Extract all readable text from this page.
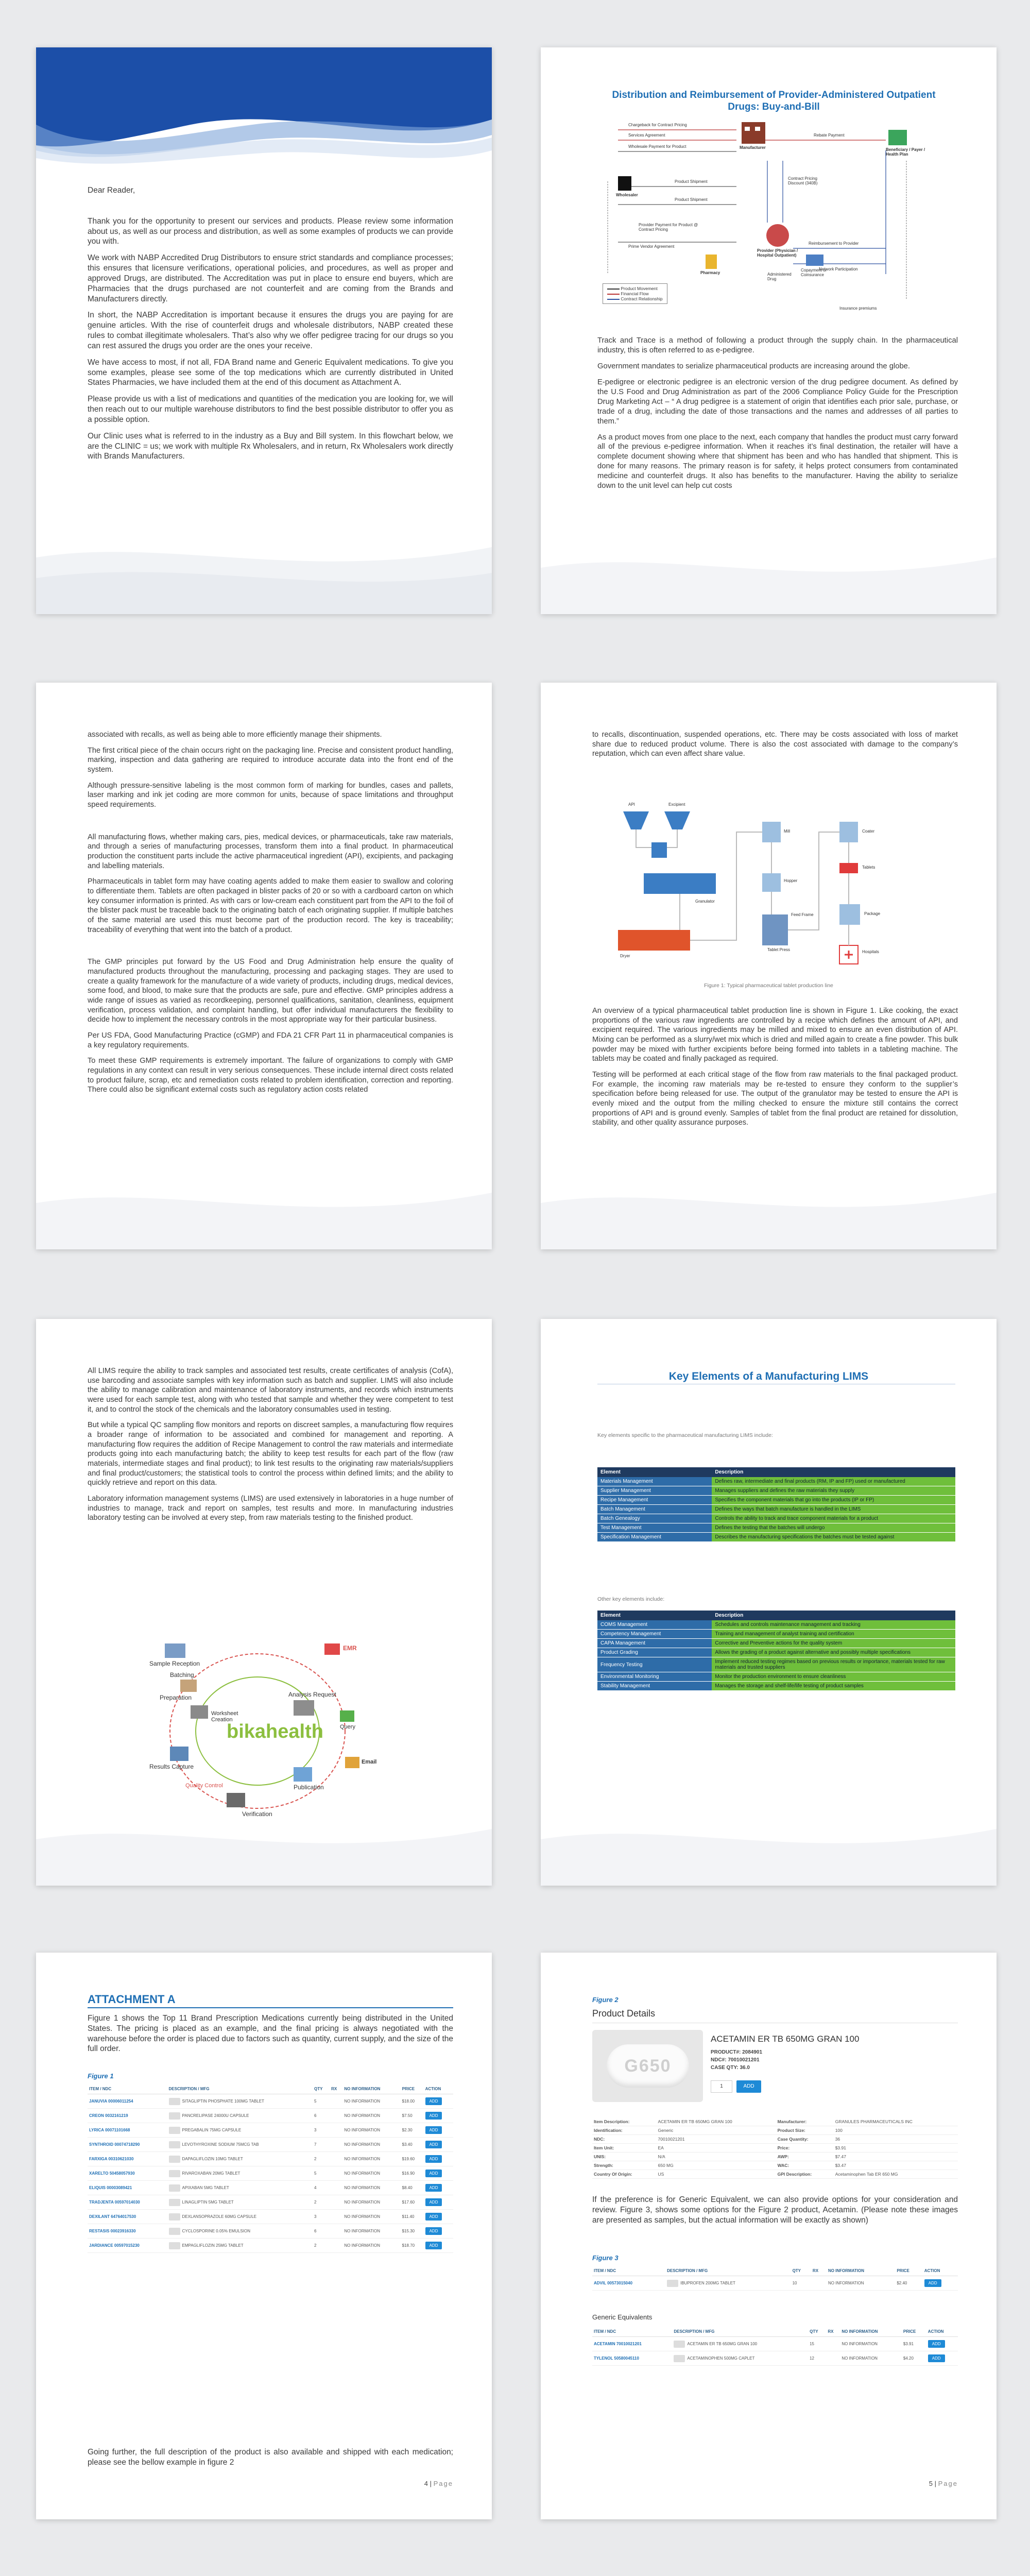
Dear Reader,

Thank you for the opportunity to present our services and products. Please review some information about us, as well as our process and distribution, as well as some examples of products we can provide you with.

We work with NABP Accredited Drug Distributors to ensure strict standards and compliance processes; this ensures that licensure verifications, operational policies, and procedures, as well as proper and approved Drugs, are distributed. The Accreditation was put in place to ensure end buyers, which are Pharmacies that the drugs purchased are not counterfeit and are coming from the Brands and Manufacturers directly.

In short, the NABP Accreditation is important because it ensures the drugs you are paying for are genuine articles. With the rise of counterfeit drugs and wholesale distributors, NABP created these rules to combat illegitimate wholesalers. That’s also why we offer pedigree tracing for our drugs so you can rest assured the drugs you order are the ones your receive.

We have access to most, if not all, FDA Brand name and Generic Equivalent medications. To give you some examples, please see some of the top medications which are currently distributed in United States Pharmacies, we have included them at the end of this document as Attachment A.

Please provide us with a list of medications and quantities of the medication you are looking for, we will then reach out to our multiple warehouse distributors to find the best possible distributor to offer you as a possible option.

Our Clinic uses what is referred to in the industry as a Buy and Bill system. In this flowchart below, we are the CLINIC = us; we work with multiple Rx Wholesalers, and in return, Rx Wholesalers work directly with Brands Manufacturers.

Distribution and Reimbursement of Provider-Administered Outpatient Drugs: Buy-and-Bill
Chargeback for Contract Pricing
Services Agreement
Wholesale Payment for Product
Product Shipment
Product Shipment
Contract Pricing Discount (340B)
Prime Vendor Agreement
Provider Payment for Product @ Contract Pricing
Reimbursement to Provider
Network Participation
Rebate Payment
Insurance premiums
Wholesaler
Manufacturer
Provider (Physician / Hospital Outpatient)
Beneficiary / Payer / Health Plan
Pharmacy	Administered Drug
Copayment or Coinsurance
Product Movement
Financial Flow
Contract Relationship

Track and Trace is a method of following a product through the supply chain. In the pharmaceutical industry, this is often referred to as e-pedigree.

Government mandates to serialize pharmaceutical products are increasing around the globe.

E-pedigree or electronic pedigree is an electronic version of the drug pedigree document. As defined by the U.S Food and Drug Administration as part of the 2006 Compliance Policy Guide for the Prescription Drug Marketing Act – “ A drug pedigree is a statement of origin that identifies each prior sale, purchase, or trade of a drug, including the date of those transactions and the names and addresses of all parties to them.”

As a product moves from one place to the next, each company that handles the product must carry forward all of the previous e-pedigree information. When it reaches it’s final destination, the retailer will have a complete document showing where that shipment has been and who has handled that shipment. This is done for many reasons. The primary reason is for safety, it helps protect consumers from contaminated medicine and counterfeit drugs. It also has benefits to the manufacturer. Having the ability to serialize down to the unit level can help cut costs

associated with recalls, as well as being able to more efficiently manage their shipments.

The first critical piece of the chain occurs right on the packaging line. Precise and consistent product handling, marking, inspection and data gathering are required to introduce accurate data into the front end of the system.

Although pressure-sensitive labeling is the most common form of marking for bundles, cases and pallets, laser marking and ink jet coding are more common for units, because of space limitations and throughput speed requirements.

All manufacturing flows, whether making cars, pies, medical devices, or pharmaceuticals, take raw materials, and through a series of manufacturing processes, transform them into a final product. In pharmaceutical production the constituent parts include the active pharmaceutical ingredient (API), excipients, and packaging and labelling materials.

Pharmaceuticals in tablet form may have coating agents added to make them easier to swallow and coloring to differentiate them. Tablets are often packaged in blister packs of 20 or so with a cardboard carton on which key consumer information is printed. As with cars or low-cream each constituent part from the API to the foil of the blister pack must be traceable back to the originating batch of each originating supplier. If multiple batches of the same material are used this must become part of the production record. The key is traceability; traceability of everything that went into the batch of a product.

The GMP principles put forward by the US Food and Drug Administration help ensure the quality of manufactured products throughout the manufacturing, processing and packaging stages. They are used to create a quality framework for the manufacture of a wide variety of products, including drugs, medical devices, some food, and blood, to make sure that the products are safe, pure and effective. GMP principles address a wide range of issues as varied as recordkeeping, personnel qualifications, sanitation, cleanliness, equipment verification, process validation, and complaint handling, but offer individual manufacturers the flexibility to decide how to implement the necessary controls in the most appropriate way for their particular business.

Per US FDA, Good Manufacturing Practice (cGMP) and FDA 21 CFR Part 11 in pharmaceutical companies is a key regulatory requirements.

To meet these GMP requirements is extremely important. The failure of organizations to comply with GMP regulations in any context can result in very serious consequences. These include internal direct costs related to product failure, scrap, etc and remediation costs related to problem identification, correction and reporting. There could also be significant external costs such as regulatory action costs related

to recalls, discontinuation, suspended operations, etc. There may be costs associated with loss of market share due to reduced product volume. There is also the cost associated with damage to the company’s reputation, which can even affect share value.

API	Excipient
Mill	Coater
Tablets
Granulator
Hopper
Package
Feed Frame
Tablet Press
Dryer
Hospitals
Figure 1: Typical pharmaceutical tablet production line

An overview of a typical pharmaceutical tablet production line is shown in Figure 1. Like cooking, the exact proportions of the various raw ingredients are controlled by a recipe which defines the amount of API, and excipient required. The various ingredients may be milled and mixed to ensure an even distribution of API. Mixing can be performed as a slurry/wet mix which is dried and milled again to create a fine powder. This bulk powder may be mixed with further excipients before being formed into tablets in a tableting machine. The tablets may be coated and finally packaged as required.

Testing will be performed at each critical stage of the flow from raw materials to the final packaged product. For example, the incoming raw materials may be re-tested to ensure they conform to the supplier’s specification before being released for use. The output of the granulator may be tested to ensure the API is evenly mixed and the output from the milling checked to ensure the mixture still contains the correct proportions of API and is ground evenly. Samples of tablet from the final product are retained for dissolution, stability, and other quality assurance purposes.

All LIMS require the ability to track samples and associated test results, create certificates of analysis (CofA), use barcoding and associate samples with key information such as batch and supplier. LIMS will also include the ability to manage calibration and maintenance of laboratory instruments, and records which instruments were used for each sample test, along with who tested that sample and whether they were competent to test it, and to control the stock of the chemicals and the laboratory consumables used in testing.

But while a typical QC sampling flow monitors and reports on discreet samples, a manufacturing flow requires a broader range of information to be associated and combined for management and reporting. A manufacturing flow requires the addition of Recipe Management to control the raw materials and intermediate products going into each manufacturing batch; the ability to keep test results for each part of the flow (raw materials, intermediate stages and final product); to link test results to the originating raw materials/suppliers and final product/customers; the statistical tools to control the process within defined limits; and the ability to quickly retrieve and report on this data.

Laboratory information management systems (LIMS) are used extensively in laboratories in a huge number of industries to manage, track and report on samples, test results and more. In manufacturing industries laboratory testing can be involved at every step, from raw materials testing to the finished product.

bikahealth
Sample Reception
Batching
Preparation
Worksheet Creation
Analysis Request
Results Capture
Quality Control
Verification
Publication
EMR
Query
Email
Key Elements of a Manufacturing LIMS
Key elements specific to the pharmaceutical manufacturing LIMS include:
Element	Description
Materials Management	Defines raw, intermediate and final products (RM, IP and FP) used or manufactured
Supplier Management	Manages suppliers and defines the raw materials they supply
Recipe Management	Specifies the component materials that go into the products (IP or FP)
Batch Management	Defines the ways that batch manufacture is handled in the LIMS
Batch Genealogy	Controls the ability to track and trace component materials for a product
Test Management	Defines the testing that the batches will undergo
Specification Management	Describes the manufacturing specifications the batches must be tested against
Other key elements include:
Element	Description
COMS Management	Schedules and controls maintenance management and tracking
Competency Management	Training and management of analyst training and certification
CAPA Management	Corrective and Preventive actions for the quality system
Product Grading	Allows the grading of a product against alternative and possibly multiple specifications
Frequency Testing	Implement reduced testing regimes based on previous results or importance, materials tested for raw materials and trusted suppliers
Environmental Monitoring	Monitor the production environment to ensure cleanliness
Stability Management	Manages the storage and shelf-life/life testing of product samples
ATTACHMENT A

Figure 1 shows the Top 11 Brand Prescription Medications currently being distributed in the United States. The pricing is placed as an example, and the final pricing is always negotiated with the warehouse before the order is placed due to factors such as quantity, current supply, and the size of the full order.

Figure 1
ITEM / NDC	DESCRIPTION / MFG	QTY	RX	NO INFORMATION	PRICE	ACTION
JANUVIA 00006011254	SITAGLIPTIN PHOSPHATE 100MG TABLET	5		NO INFORMATION	$18.00	ADD
CREON 0032161219	PANCRELIPASE 24000U CAPSULE	6		NO INFORMATION	$7.50	ADD
LYRICA 00071101668	PREGABALIN 75MG CAPSULE	3		NO INFORMATION	$2.30	ADD
SYNTHROID 00074718290	LEVOTHYROXINE SODIUM 75MCG TAB	7		NO INFORMATION	$3.40	ADD
FARXIGA 00310621030	DAPAGLIFLOZIN 10MG TABLET	2		NO INFORMATION	$19.60	ADD
XARELTO 50458057930	RIVAROXABAN 20MG TABLET	5		NO INFORMATION	$16.90	ADD
ELIQUIS 00003089421	APIXABAN 5MG TABLET	4		NO INFORMATION	$8.40	ADD
TRADJENTA 00597014030	LINAGLIPTIN 5MG TABLET	2		NO INFORMATION	$17.60	ADD
DEXILANT 64764017530	DEXLANSOPRAZOLE 60MG CAPSULE	3		NO INFORMATION	$11.40	ADD
RESTASIS 00023916330	CYCLOSPORINE 0.05% EMULSION	6		NO INFORMATION	$15.30	ADD
JARDIANCE 00597015230	EMPAGLIFLOZIN 25MG TABLET	2		NO INFORMATION	$18.70	ADD

Going further, the full description of the product is also available and shipped with each medication; please see the bellow example in figure 2

4 | Page
Figure 2
Product Details
G650
ACETAMIN ER TB 650MG GRAN 100
PRODUCT#: 2084901
NDC#: 70010021201
CASE QTY: 36.0
1	ADD
Item Description:	ACETAMIN ER TB 650MG GRAN 100	Manufacturer:	GRANULES PHARMACEUTICALS INC
Identification:	Generic	Product Size:	100
NDC:	70010021201	Case Quantity:	36
Item Unit:	EA	Price:	$3.91
UNIS:	N/A	AWP:	$7.47
Strength:	650 MG	WAC:	$3.47
Country Of Origin:	US	GPI Description:	Acetaminophen Tab ER 650 MG

If the preference is for Generic Equivalent, we can also provide options for your consideration and review. Figure 3, shows some options for the Figure 2 product, Acetamin. (Please note these images are presented as samples, but the actual information will be exactly as shown)

Figure 3
ITEM / NDC	DESCRIPTION / MFG	QTY	RX	NO INFORMATION	PRICE	ACTION
ADVIL 00573015040	IBUPROFEN 200MG TABLET	10		NO INFORMATION	$2.40	ADD
Generic Equivalents
ITEM / NDC	DESCRIPTION / MFG	QTY	RX	NO INFORMATION	PRICE	ACTION
ACETAMIN 70010021201	ACETAMIN ER TB 650MG GRAN 100	15		NO INFORMATION	$3.91	ADD
TYLENOL 50580045110	ACETAMINOPHEN 500MG CAPLET	12		NO INFORMATION	$4.20	ADD
5 | Page
